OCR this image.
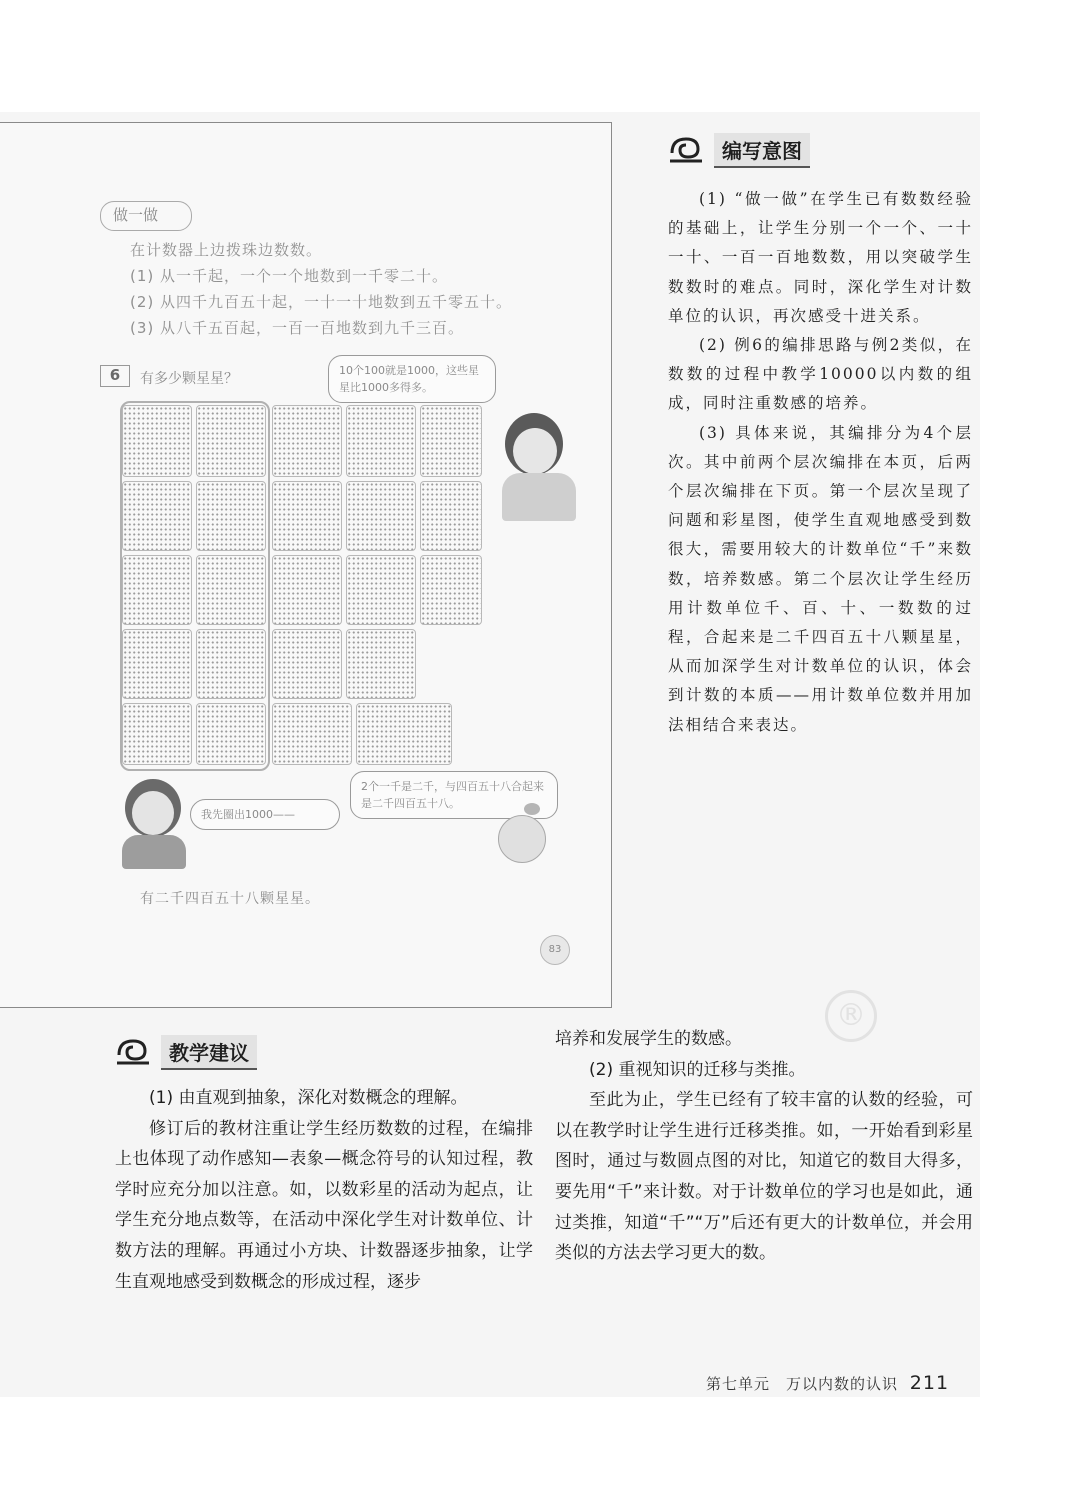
做一做
在计数器上边拨珠边数数。
(1) 从一千起，一个一个地数到一千零二十。
(2) 从四千九百五十起，一十一十地数到五千零五十。
(3) 从八千五百起，一百一百地数到九千三百。
6	有多少颗星星？
10个100就是1000，这些星星比1000多得多。
我先圈出1000——
2个一千是二千，与四百五十八合起来是二千四百五十八。
有二千四百五十八颗星星。
83
编写意图

(1) “做一做”在学生已有数数经验的基础上，让学生分别一个一个、一十一十、一百一百地数数，用以突破学生数数时的难点。同时，深化学生对计数单位的认识，再次感受十进关系。

(2) 例6的编排思路与例2类似，在数数的过程中教学10000以内数的组成，同时注重数感的培养。

(3) 具体来说，其编排分为4个层次。其中前两个层次编排在本页，后两个层次编排在下页。第一个层次呈现了问题和彩星图，使学生直观地感受到数很大，需要用较大的计数单位“千”来数数，培养数感。第二个层次让学生经历用计数单位千、百、十、一数数的过程，合起来是二千四百五十八颗星星，从而加深学生对计数单位的认识，体会到计数的本质——用计数单位数并用加法相结合来表达。

®
教学建议

(1) 由直观到抽象，深化对数概念的理解。

修订后的教材注重让学生经历数数的过程，在编排上也体现了动作感知—表象—概念符号的认知过程，教学时应充分加以注意。如，以数彩星的活动为起点，让学生充分地点数等，在活动中深化学生对计数单位、计数方法的理解。再通过小方块、计数器逐步抽象，让学生直观地感受到数概念的形成过程，逐步

培养和发展学生的数感。

(2) 重视知识的迁移与类推。

至此为止，学生已经有了较丰富的认数的经验，可以在教学时让学生进行迁移类推。如，一开始看到彩星图时，通过与数圆点图的对比，知道它的数目大得多，要先用“千”来计数。对于计数单位的学习也是如此，通过类推，知道“千”“万”后还有更大的计数单位，并会用类似的方法去学习更大的数。

第七单元　万以内数的认识 211
